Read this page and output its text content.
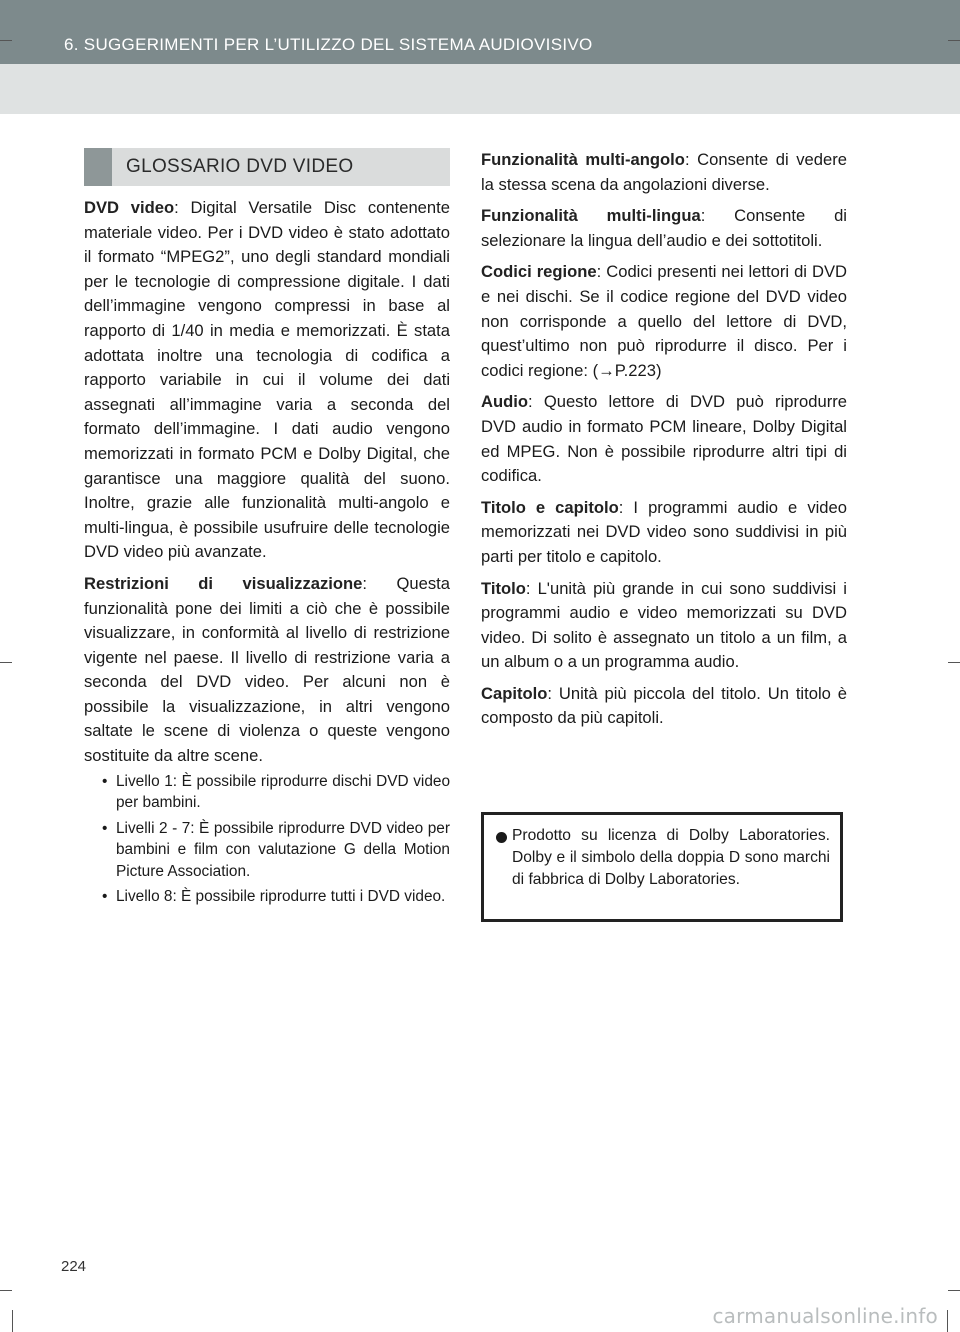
6. SUGGERIMENTI PER L’UTILIZZO DEL SISTEMA AUDIOVISIVO
GLOSSARIO DVD VIDEO

DVD video: Digital Versatile Disc contenente materiale video. Per i DVD video è stato adottato il formato “MPEG2”, uno degli standard mondiali per le tecnologie di compressione digitale. I dati dell’immagine vengono compressi in base al rapporto di 1/40 in media e memorizzati. È stata adottata inoltre una tecnologia di codifica a rapporto variabile in cui il volume dei dati assegnati all’immagine varia a seconda del formato dell’immagine. I dati audio vengono memorizzati in formato PCM e Dolby Digital, che garantisce una maggiore qualità del suono. Inoltre, grazie alle funzionalità multi-angolo e multi-lingua, è possibile usufruire delle tecnologie DVD video più avanzate.

Restrizioni di visualizzazione: Questa funzionalità pone dei limiti a ciò che è possibile visualizzare, in conformità al livello di restrizione vigente nel paese. Il livello di restrizione varia a seconda del DVD video. Per alcuni non è possibile la visualizzazione, in altri vengono saltate le scene di violenza o queste vengono sostituite da altre scene.

• Livello 1: È possibile riprodurre dischi DVD video per bambini.
• Livelli 2 - 7: È possibile riprodurre DVD video per bambini e film con valutazione G della Motion Picture Association.
• Livello 8: È possibile riprodurre tutti i DVD video.

Funzionalità multi-angolo: Consente di vedere la stessa scena da angolazioni diverse.

Funzionalità multi-lingua: Consente di selezionare la lingua dell’audio e dei sottotitoli.

Codici regione: Codici presenti nei lettori di DVD e nei dischi. Se il codice regione del DVD video non corrisponde a quello del lettore di DVD, quest’ultimo non può riprodurre il disco. Per i codici regione: (→P.223)

Audio: Questo lettore di DVD può riprodurre DVD audio in formato PCM lineare, Dolby Digital ed MPEG. Non è possibile riprodurre altri tipi di codifica.

Titolo e capitolo: I programmi audio e video memorizzati nei DVD video sono suddivisi in più parti per titolo e capitolo.

Titolo: L'unità più grande in cui sono suddivisi i programmi audio e video memorizzati su DVD video. Di solito è assegnato un titolo a un film, a un album o a un programma audio.

Capitolo: Unità più piccola del titolo. Un titolo è composto da più capitoli.

Prodotto su licenza di Dolby Laboratories. Dolby e il simbolo della doppia D sono marchi di fabbrica di Dolby Laboratories.
224
carmanualsonline.info
